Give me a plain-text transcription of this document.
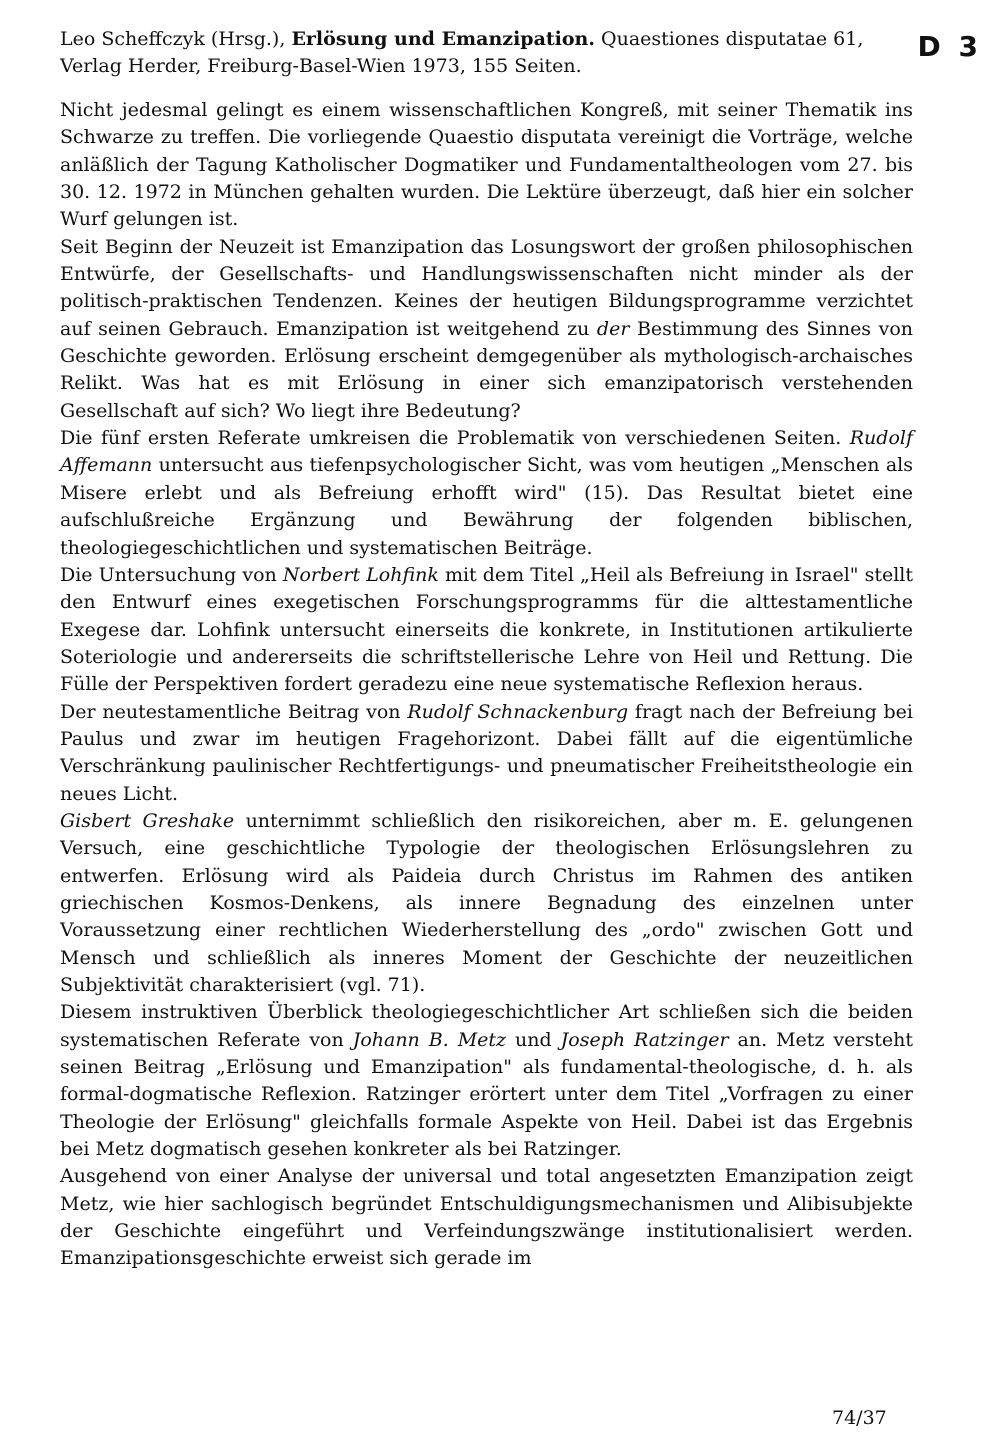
Leo Scheffczyk (Hrsg.), Erlösung und Emanzipation. Quaestiones disputatae 61, Verlag Herder, Freiburg-Basel-Wien 1973, 155 Seiten.
D 3

Nicht jedesmal gelingt es einem wissenschaftlichen Kongreß, mit seiner Thematik ins Schwarze zu treffen. Die vorliegende Quaestio disputata vereinigt die Vorträge, welche anläßlich der Tagung Katholischer Dogmatiker und Fundamentaltheologen vom 27. bis 30. 12. 1972 in München gehalten wurden. Die Lektüre überzeugt, daß hier ein solcher Wurf gelungen ist.

Seit Beginn der Neuzeit ist Emanzipation das Losungswort der großen philosophischen Entwürfe, der Gesellschafts- und Handlungswissenschaften nicht minder als der politisch-praktischen Tendenzen. Keines der heutigen Bildungsprogramme verzichtet auf seinen Gebrauch. Emanzipation ist weitgehend zu der Bestimmung des Sinnes von Geschichte geworden. Erlösung erscheint demgegenüber als mythologisch-archaisches Relikt. Was hat es mit Erlösung in einer sich emanzipatorisch verstehenden Gesellschaft auf sich? Wo liegt ihre Bedeutung?

Die fünf ersten Referate umkreisen die Problematik von verschiedenen Seiten. Rudolf Affemann untersucht aus tiefenpsychologischer Sicht, was vom heutigen „Menschen als Misere erlebt und als Befreiung erhofft wird" (15). Das Resultat bietet eine aufschlußreiche Ergänzung und Bewährung der folgenden biblischen, theologiegeschichtlichen und systematischen Beiträge.

Die Untersuchung von Norbert Lohfink mit dem Titel „Heil als Befreiung in Israel" stellt den Entwurf eines exegetischen Forschungsprogramms für die alttestamentliche Exegese dar. Lohfink untersucht einerseits die konkrete, in Institutionen artikulierte Soteriologie und andererseits die schriftstellerische Lehre von Heil und Rettung. Die Fülle der Perspektiven fordert geradezu eine neue systematische Reflexion heraus.

Der neutestamentliche Beitrag von Rudolf Schnackenburg fragt nach der Befreiung bei Paulus und zwar im heutigen Fragehorizont. Dabei fällt auf die eigentümliche Verschränkung paulinischer Rechtfertigungs- und pneumatischer Freiheitstheologie ein neues Licht.

Gisbert Greshake unternimmt schließlich den risikoreichen, aber m. E. gelungenen Versuch, eine geschichtliche Typologie der theologischen Erlösungslehren zu entwerfen. Erlösung wird als Paideia durch Christus im Rahmen des antiken griechischen Kosmos-Denkens, als innere Begnadung des einzelnen unter Voraussetzung einer rechtlichen Wiederherstellung des „ordo" zwischen Gott und Mensch und schließlich als inneres Moment der Geschichte der neuzeitlichen Subjektivität charakterisiert (vgl. 71).

Diesem instruktiven Überblick theologiegeschichtlicher Art schließen sich die beiden systematischen Referate von Johann B. Metz und Joseph Ratzinger an. Metz versteht seinen Beitrag „Erlösung und Emanzipation" als fundamental-theologische, d. h. als formal-dogmatische Reflexion. Ratzinger erörtert unter dem Titel „Vorfragen zu einer Theologie der Erlösung" gleichfalls formale Aspekte von Heil. Dabei ist das Ergebnis bei Metz dogmatisch gesehen konkreter als bei Ratzinger.

Ausgehend von einer Analyse der universal und total angesetzten Emanzipation zeigt Metz, wie hier sachlogisch begründet Entschuldigungsmechanismen und Alibisubjekte der Geschichte eingeführt und Verfeindungszwänge institutionalisiert werden. Emanzipationsgeschichte erweist sich gerade im

74/37
